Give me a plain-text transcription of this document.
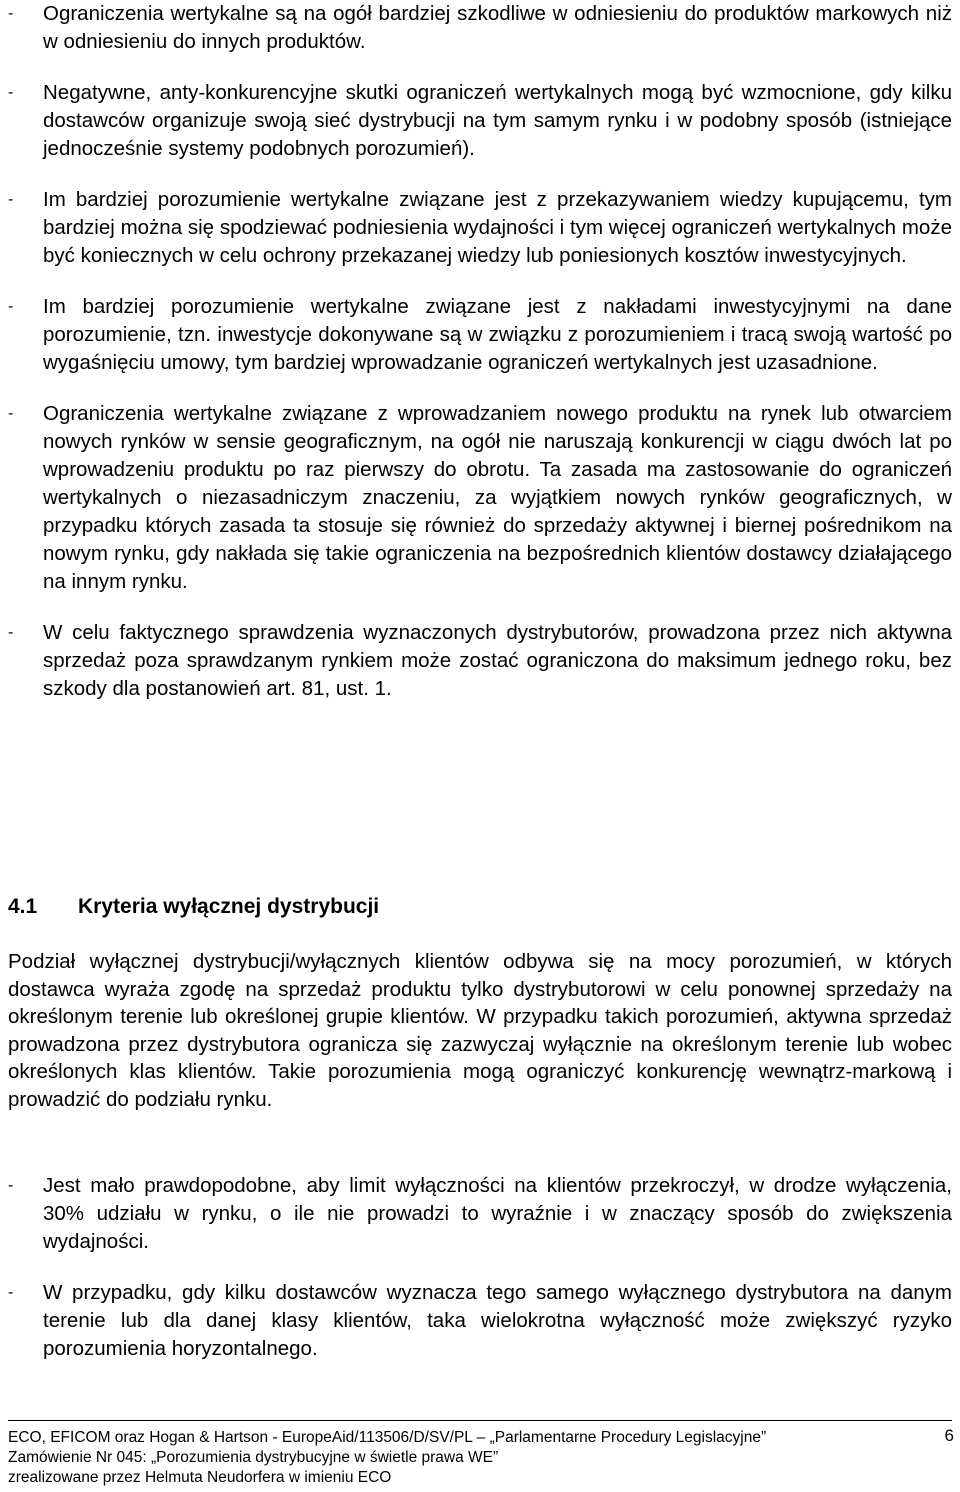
- Ograniczenia wertykalne są na ogół bardziej szkodliwe w odniesieniu do produktów markowych niż w odniesieniu do innych produktów.
- Negatywne, anty-konkurencyjne skutki ograniczeń wertykalnych mogą być wzmocnione, gdy kilku dostawców organizuje swoją sieć dystrybucji na tym samym rynku i w podobny sposób (istniejące jednocześnie systemy podobnych porozumień).
- Im bardziej porozumienie wertykalne związane jest z przekazywaniem wiedzy kupującemu, tym bardziej można się spodziewać podniesienia wydajności i tym więcej ograniczeń wertykalnych może być koniecznych w celu ochrony przekazanej wiedzy lub poniesionych kosztów inwestycyjnych.
- Im bardziej porozumienie wertykalne związane jest z nakładami inwestycyjnymi na dane porozumienie, tzn. inwestycje dokonywane są w związku z porozumieniem i tracą swoją wartość po wygaśnięciu umowy, tym bardziej wprowadzanie ograniczeń wertykalnych jest uzasadnione.
- Ograniczenia wertykalne związane z wprowadzaniem nowego produktu na rynek lub otwarciem nowych rynków w sensie geograficznym, na ogół nie naruszają konkurencji w ciągu dwóch lat po wprowadzeniu produktu po raz pierwszy do obrotu. Ta zasada ma zastosowanie do ograniczeń wertykalnych o niezasadniczym znaczeniu, za wyjątkiem nowych rynków geograficznych, w przypadku których zasada ta stosuje się również do sprzedaży aktywnej i biernej pośrednikom na nowym rynku, gdy nakłada się takie ograniczenia na bezpośrednich klientów dostawcy działającego na innym rynku.
- W celu faktycznego sprawdzenia wyznaczonych dystrybutorów, prowadzona przez nich aktywna sprzedaż poza sprawdzanym rynkiem może zostać ograniczona do maksimum jednego roku, bez szkody dla postanowień art. 81, ust. 1.
4.1 Kryteria wyłącznej dystrybucji

Podział wyłącznej dystrybucji/wyłącznych klientów odbywa się na mocy porozumień, w których dostawca wyraża zgodę na sprzedaż produktu tylko dystrybutorowi w celu ponownej sprzedaży na określonym terenie lub określonej grupie klientów. W przypadku takich porozumień, aktywna sprzedaż prowadzona przez dystrybutora ogranicza się zazwyczaj wyłącznie na określonym terenie lub wobec określonych klas klientów. Takie porozumienia mogą ograniczyć konkurencję wewnątrz-markową i prowadzić do podziału rynku.

- Jest mało prawdopodobne, aby limit wyłączności na klientów przekroczył, w drodze wyłączenia, 30% udziału w rynku, o ile nie prowadzi to wyraźnie i w znaczący sposób do zwiększenia wydajności.
- W przypadku, gdy kilku dostawców wyznacza tego samego wyłącznego dystrybutora na danym terenie lub dla danej klasy klientów, taka wielokrotna wyłączność może zwiększyć ryzyko porozumienia horyzontalnego.
ECO, EFICOM oraz Hogan & Hartson - EuropeAid/113506/D/SV/PL – „Parlamentarne Procedury Legislacyjne”
Zamówienie Nr 045: „Porozumienia dystrybucyjne w świetle prawa WE”
zrealizowane przez Helmuta Neudorfera w imieniu ECO
6
